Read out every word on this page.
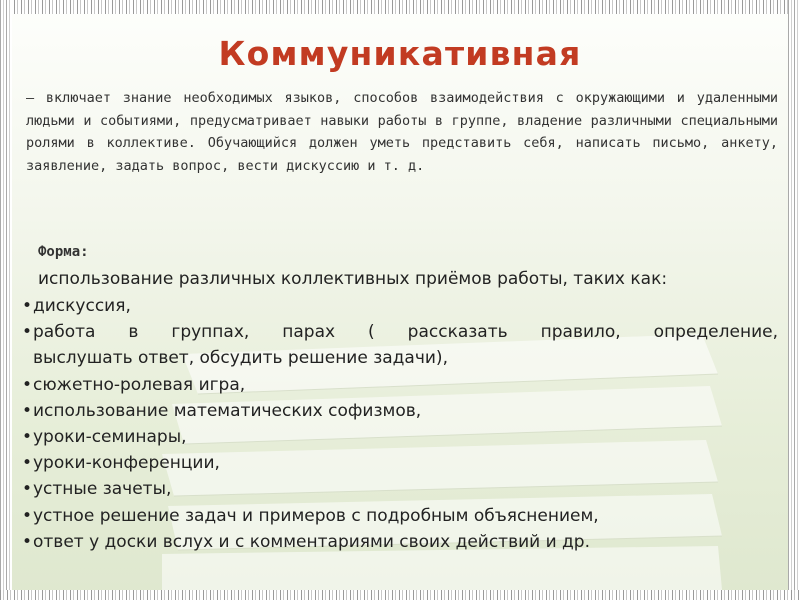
Коммуникативная
– включает знание необходимых языков, способов взаимодействия с окружающими и удаленными людьми и событиями, предусматривает навыки работы в группе, владение различными специальными ролями в коллективе. Обучающийся должен уметь представить себя, написать письмо, анкету, заявление, задать вопрос, вести дискуссию и т. д.
Форма:
использование различных коллективных приёмов работы, таких как:
• дискуссия,
• работа в группах, парах ( рассказать правило, определение,
выслушать ответ, обсудить решение задачи),
• сюжетно-ролевая игра,
• использование математических софизмов,
• уроки-семинары,
• уроки-конференции,
• устные зачеты,
• устное решение задач и примеров с подробным объяснением,
• ответ у доски вслух и с комментариями своих действий и др.
